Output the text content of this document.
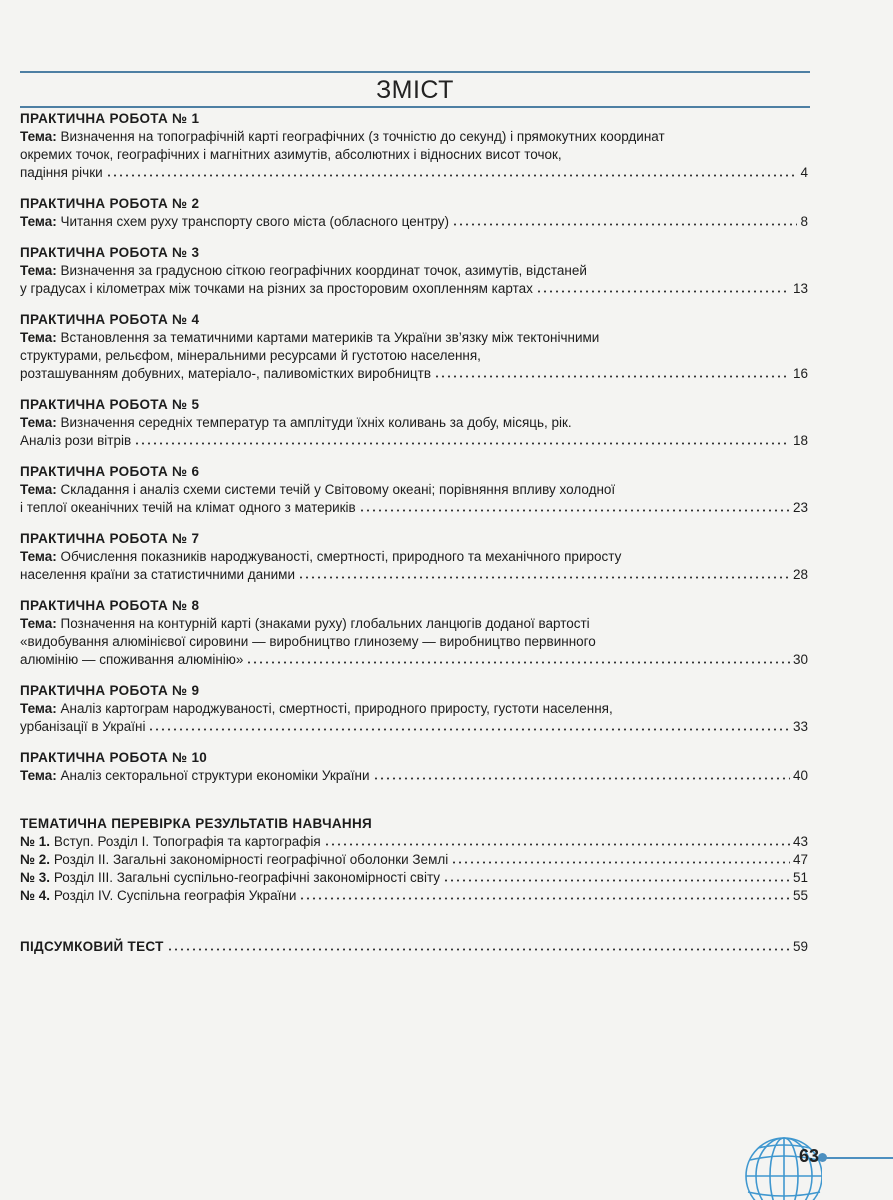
ЗМІСТ
ПРАКТИЧНА РОБОТА № 1
Тема: Визначення на топографічній карті географічних (з точністю до секунд) і прямокутних координат
окремих точок, географічних і магнітних азимутів, абсолютних і відносних висот точок,
падіння річки	4
ПРАКТИЧНА РОБОТА № 2
Тема: Читання схем руху транспорту свого міста (обласного центру)	8
ПРАКТИЧНА РОБОТА № 3
Тема: Визначення за градусною сіткою географічних координат точок, азимутів, відстаней
у градусах і кілометрах між точками на різних за просторовим охопленням картах	13
ПРАКТИЧНА РОБОТА № 4
Тема: Встановлення за тематичними картами материків та України зв’язку між тектонічними
структурами, рельєфом, мінеральними ресурсами й густотою населення,
розташуванням добувних, матеріало-, паливомістких виробництв	16
ПРАКТИЧНА РОБОТА № 5
Тема: Визначення середніх температур та амплітуди їхніх коливань за добу, місяць, рік.
Аналіз рози вітрів	18
ПРАКТИЧНА РОБОТА № 6
Тема: Складання і аналіз схеми системи течій у Світовому океані; порівняння впливу холодної
і теплої океанічних течій на клімат одного з материків	23
ПРАКТИЧНА РОБОТА № 7
Тема: Обчислення показників народжуваності, смертності, природного та механічного приросту
населення країни за статистичними даними	28
ПРАКТИЧНА РОБОТА № 8
Тема: Позначення на контурній карті (знаками руху) глобальних ланцюгів доданої вартості
«видобування алюмінієвої сировини — виробництво глинозему — виробництво первинного
алюмінію — споживання алюмінію»	30
ПРАКТИЧНА РОБОТА № 9
Тема: Аналіз картограм народжуваності, смертності, природного приросту, густоти населення,
урбанізації в Україні	33
ПРАКТИЧНА РОБОТА № 10
Тема: Аналіз секторальної структури економіки України	40
ТЕМАТИЧНА ПЕРЕВІРКА РЕЗУЛЬТАТІВ НАВЧАННЯ
№ 1. Вступ. Розділ І. Топографія та картографія	43
№ 2. Розділ ІІ. Загальні закономірності географічної оболонки Землі	47
№ 3. Розділ ІІІ. Загальні суспільно-географічні закономірності світу	51
№ 4. Розділ IV. Суспільна географія України	55
ПІДСУМКОВИЙ ТЕСТ	59
63
